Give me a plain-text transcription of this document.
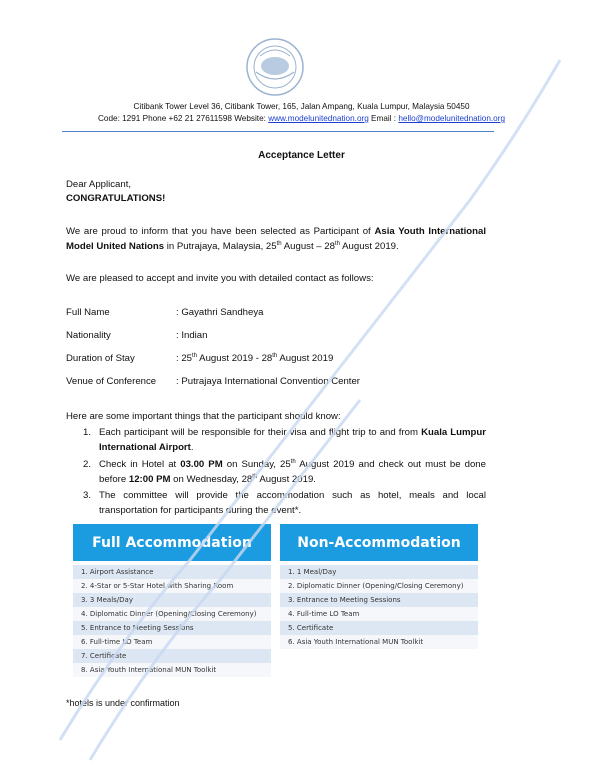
Citibank Tower Level 36, Citibank Tower, 165, Jalan Ampang, Kuala Lumpur, Malaysia 50450
Code: 1291 Phone +62 21 27611598 Website: www.modelunitednation.org Email : hello@modelunitednation.org
Acceptance Letter
Dear Applicant,
CONGRATULATIONS!
We are proud to inform that you have been selected as Participant of Asia Youth International Model United Nations in Putrajaya, Malaysia, 25th August – 28th August 2019.
We are pleased to accept and invite you with detailed contact as follows:
Full Name	: Gayathri Sandheya
Nationality	: Indian
Duration of Stay	: 25th August 2019 - 28th August 2019
Venue of Conference : Putrajaya International Convention Center
Here are some important things that the participant should know:
1. Each participant will be responsible for their visa and flight trip to and from Kuala Lumpur International Airport.
2. Check in Hotel at 03.00 PM on Sunday, 25th August 2019 and check out must be done before 12:00 PM on Wednesday, 28th August 2019.
3. The committee will provide the accommodation such as hotel, meals and local transportation for participants during the event*.
Full Accommodation
1. Airport Assistance
2. 4-Star or 5-Star Hotel with Sharing Room
3. 3 Meals/Day
4. Diplomatic Dinner (Opening/Closing Ceremony)
5. Entrance to Meeting Sessions
6. Full-time LO Team
7. Certificate
8. Asia Youth International MUN Toolkit
Non-Accommodation
1. 1 Meal/Day
2. Diplomatic Dinner (Opening/Closing Ceremony)
3. Entrance to Meeting Sessions
4. Full-time LO Team
5. Certificate
6. Asia Youth International MUN Toolkit
*hotels is under confirmation
